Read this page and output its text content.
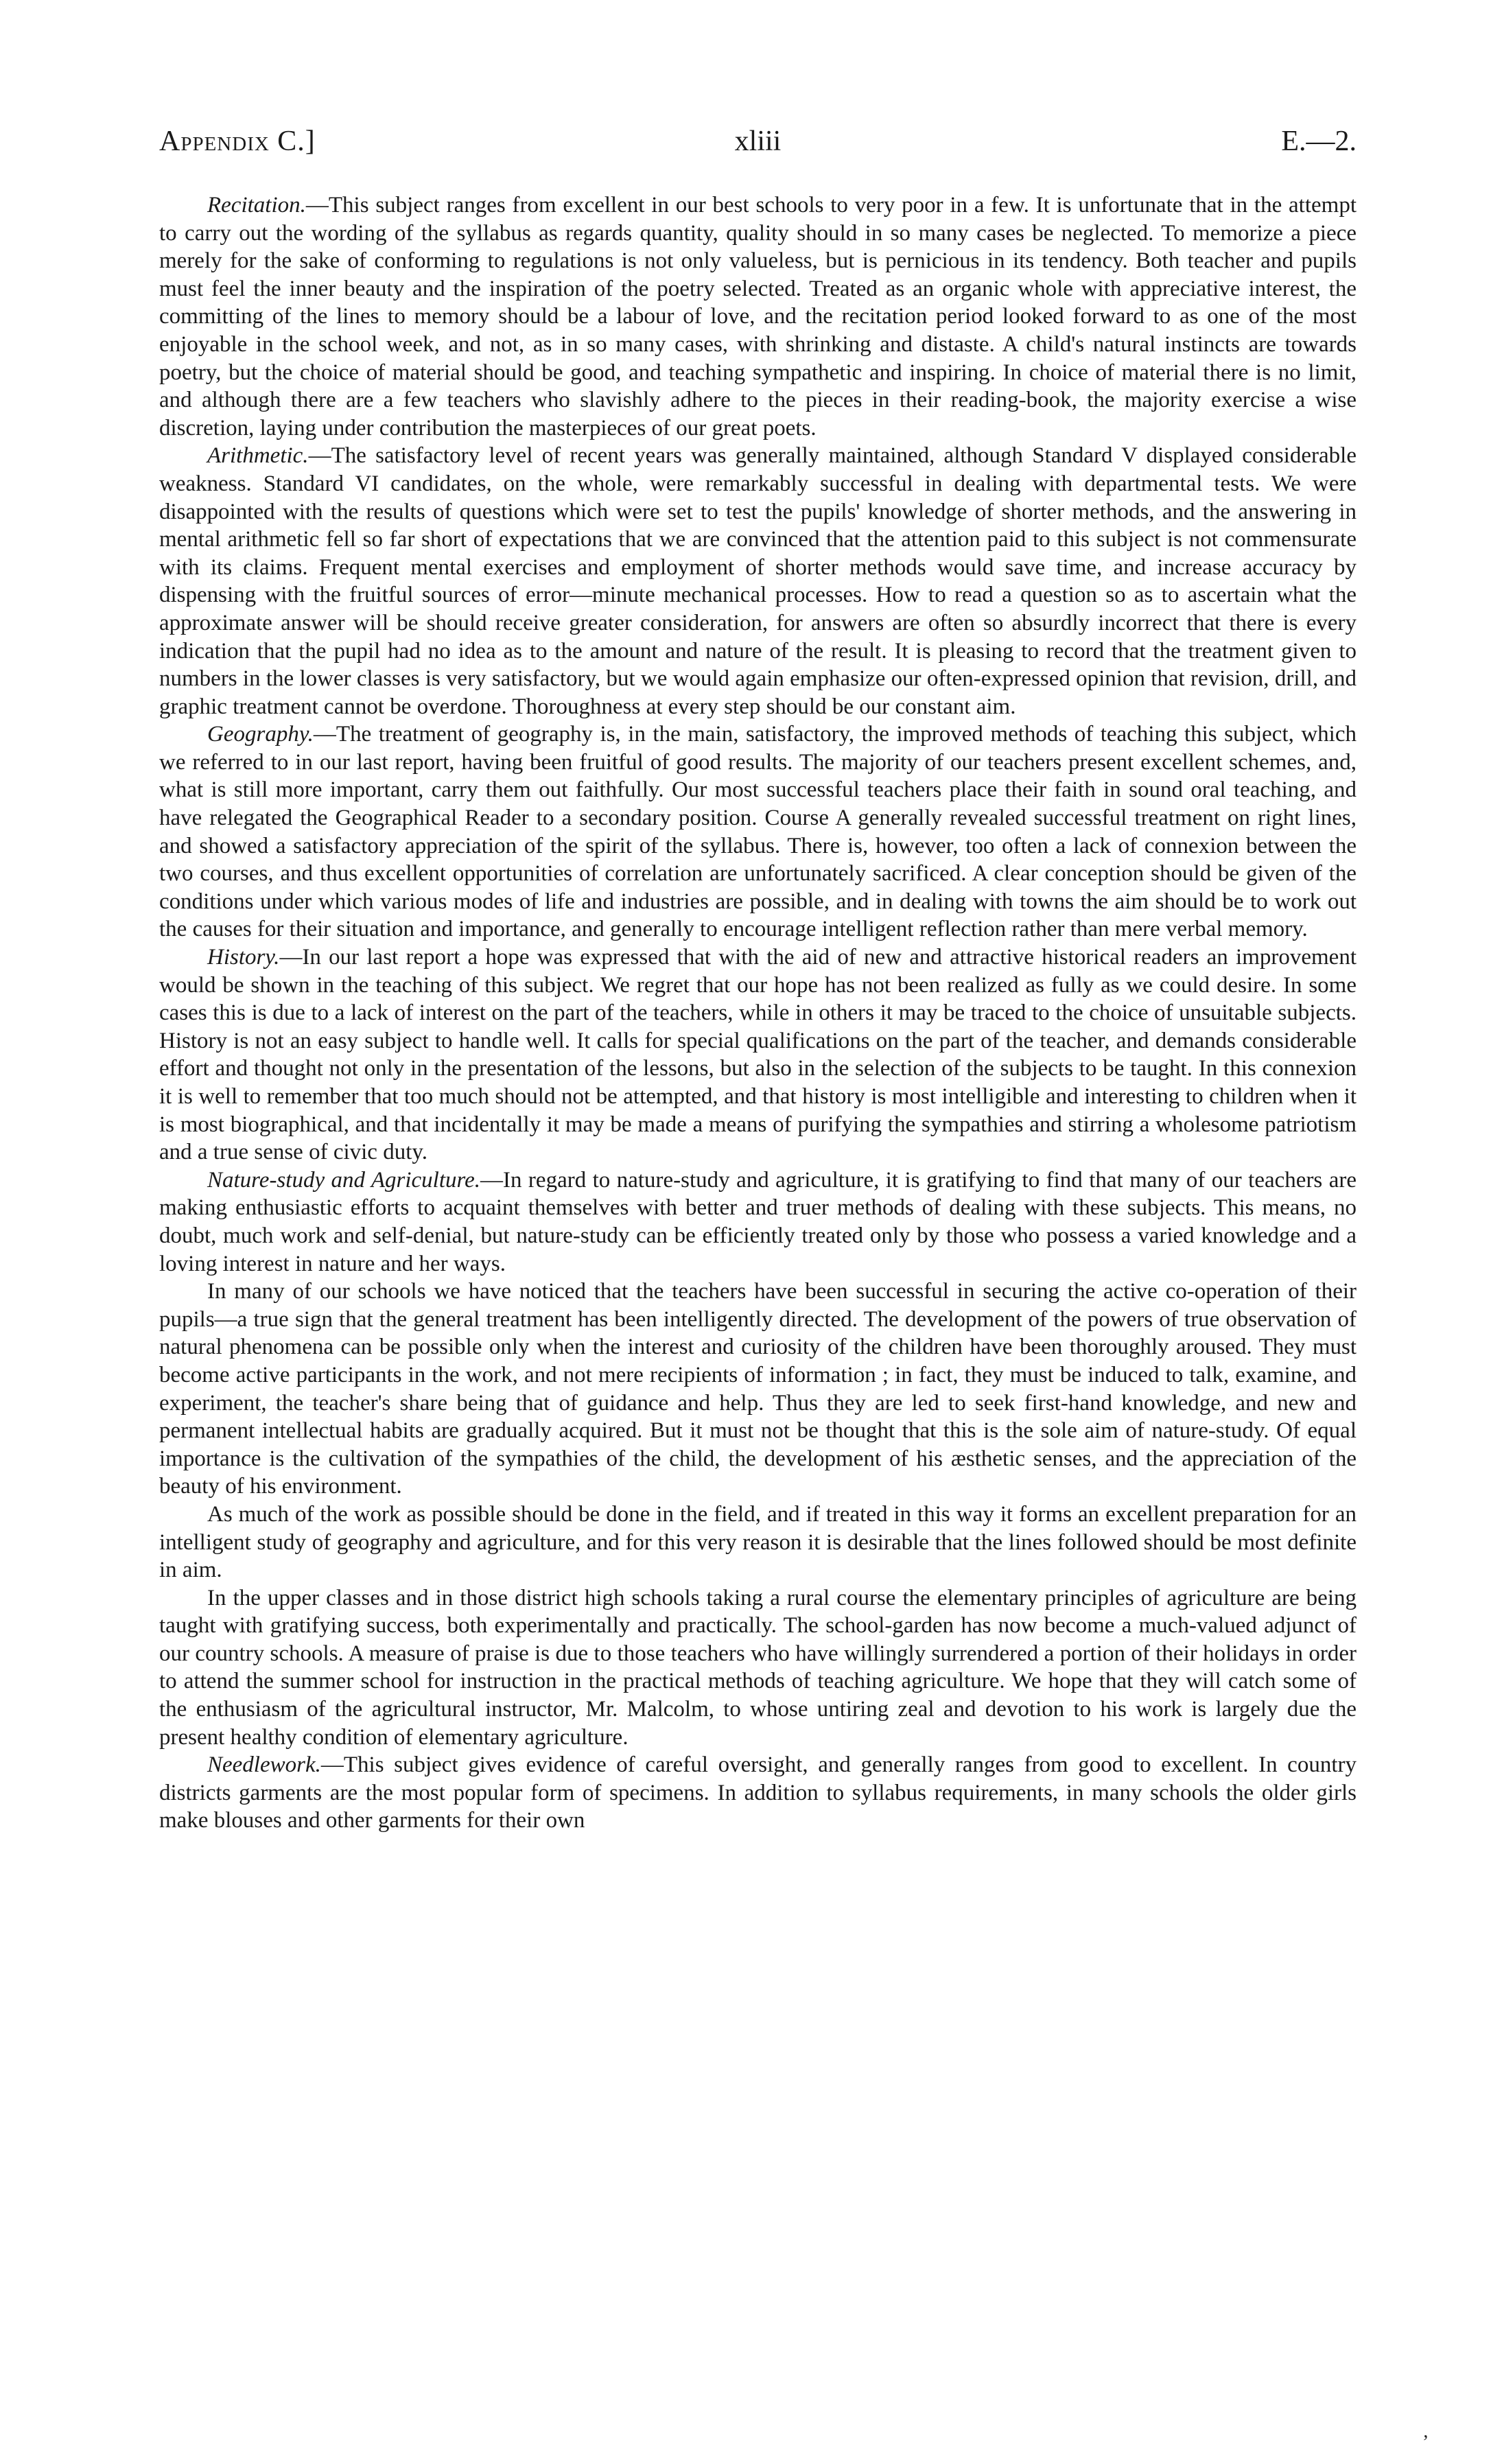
Appendix C.]	xliii	E.—2.

Recitation.—This subject ranges from excellent in our best schools to very poor in a few. It is unfortunate that in the attempt to carry out the wording of the syllabus as regards quantity, quality should in so many cases be neglected. To memorize a piece merely for the sake of conforming to regulations is not only valueless, but is pernicious in its tendency. Both teacher and pupils must feel the inner beauty and the inspiration of the poetry selected. Treated as an organic whole with appreciative interest, the committing of the lines to memory should be a labour of love, and the recitation period looked forward to as one of the most enjoyable in the school week, and not, as in so many cases, with shrinking and distaste. A child's natural instincts are towards poetry, but the choice of material should be good, and teaching sympathetic and inspiring. In choice of material there is no limit, and although there are a few teachers who slavishly adhere to the pieces in their reading-book, the majority exercise a wise discretion, laying under contribution the masterpieces of our great poets.

Arithmetic.—The satisfactory level of recent years was generally maintained, although Standard V displayed considerable weakness. Standard VI candidates, on the whole, were remarkably successful in dealing with departmental tests. We were disappointed with the results of questions which were set to test the pupils' knowledge of shorter methods, and the answering in mental arithmetic fell so far short of expectations that we are convinced that the attention paid to this subject is not commensurate with its claims. Frequent mental exercises and employment of shorter methods would save time, and increase accuracy by dispensing with the fruitful sources of error—minute mechanical processes. How to read a question so as to ascertain what the approximate answer will be should receive greater consideration, for answers are often so absurdly incorrect that there is every indication that the pupil had no idea as to the amount and nature of the result. It is pleasing to record that the treatment given to numbers in the lower classes is very satisfactory, but we would again emphasize our often-expressed opinion that revision, drill, and graphic treatment cannot be overdone. Thoroughness at every step should be our constant aim.

Geography.—The treatment of geography is, in the main, satisfactory, the improved methods of teaching this subject, which we referred to in our last report, having been fruitful of good results. The majority of our teachers present excellent schemes, and, what is still more important, carry them out faithfully. Our most successful teachers place their faith in sound oral teaching, and have relegated the Geographical Reader to a secondary position. Course A generally revealed successful treatment on right lines, and showed a satisfactory appreciation of the spirit of the syllabus. There is, however, too often a lack of connexion between the two courses, and thus excellent opportunities of correlation are unfortunately sacrificed. A clear conception should be given of the conditions under which various modes of life and industries are possible, and in dealing with towns the aim should be to work out the causes for their situation and importance, and generally to encourage intelligent reflection rather than mere verbal memory.

History.—In our last report a hope was expressed that with the aid of new and attractive historical readers an improvement would be shown in the teaching of this subject. We regret that our hope has not been realized as fully as we could desire. In some cases this is due to a lack of interest on the part of the teachers, while in others it may be traced to the choice of unsuitable subjects. History is not an easy subject to handle well. It calls for special qualifications on the part of the teacher, and demands considerable effort and thought not only in the presentation of the lessons, but also in the selection of the subjects to be taught. In this connexion it is well to remember that too much should not be attempted, and that history is most intelligible and interesting to children when it is most biographical, and that incidentally it may be made a means of purifying the sympathies and stirring a wholesome patriotism and a true sense of civic duty.

Nature-study and Agriculture.—In regard to nature-study and agriculture, it is gratifying to find that many of our teachers are making enthusiastic efforts to acquaint themselves with better and truer methods of dealing with these subjects. This means, no doubt, much work and self-denial, but nature-study can be efficiently treated only by those who possess a varied knowledge and a loving interest in nature and her ways.

In many of our schools we have noticed that the teachers have been successful in securing the active co-operation of their pupils—a true sign that the general treatment has been intelligently directed. The development of the powers of true observation of natural phenomena can be possible only when the interest and curiosity of the children have been thoroughly aroused. They must become active participants in the work, and not mere recipients of information ; in fact, they must be induced to talk, examine, and experiment, the teacher's share being that of guidance and help. Thus they are led to seek first-hand knowledge, and new and permanent intellectual habits are gradually acquired. But it must not be thought that this is the sole aim of nature-study. Of equal importance is the cultivation of the sympathies of the child, the development of his æsthetic senses, and the appreciation of the beauty of his environment.

As much of the work as possible should be done in the field, and if treated in this way it forms an excellent preparation for an intelligent study of geography and agriculture, and for this very reason it is desirable that the lines followed should be most definite in aim.

In the upper classes and in those district high schools taking a rural course the elementary principles of agriculture are being taught with gratifying success, both experimentally and practically. The school-garden has now become a much-valued adjunct of our country schools. A measure of praise is due to those teachers who have willingly surrendered a portion of their holidays in order to attend the summer school for instruction in the practical methods of teaching agriculture. We hope that they will catch some of the enthusiasm of the agricultural instructor, Mr. Malcolm, to whose untiring zeal and devotion to his work is largely due the present healthy condition of elementary agriculture.

Needlework.—This subject gives evidence of careful oversight, and generally ranges from good to excellent. In country districts garments are the most popular form of specimens. In addition to syllabus requirements, in many schools the older girls make blouses and other garments for their own

’
